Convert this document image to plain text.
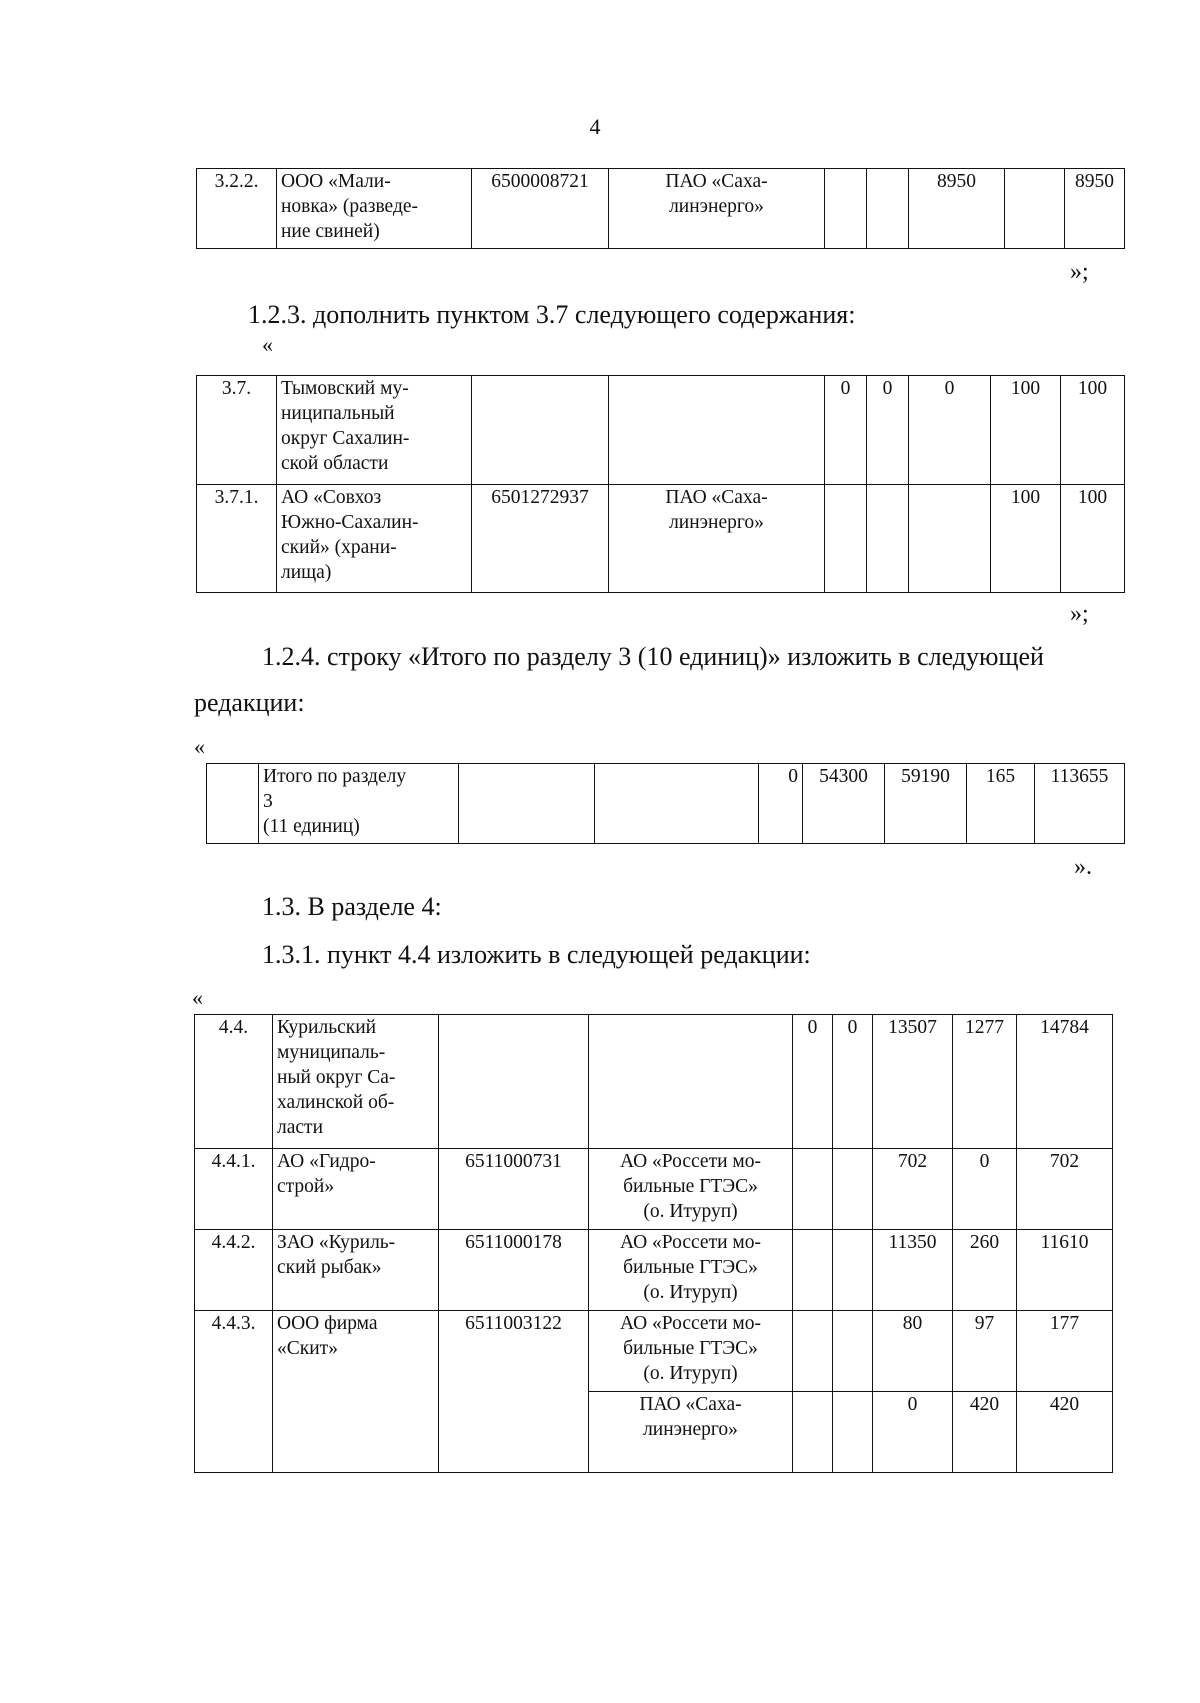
4
3.2.2.	ООО «Мали-
новка» (разведе-
ние свиней)	6500008721	ПАО «Саха-
линэнерго»			8950		8950
»;
1.2.3. дополнить пунктом 3.7 следующего содержания:
«
3.7.	Тымовский му-
ниципальный
округ Сахалин-
ской области			0	0	0	100	100
3.7.1.	АО «Совхоз
Южно-Сахалин-
ский» (храни-
лища)	6501272937	ПАО «Саха-
линэнерго»				100	100
»;
1.2.4. строку «Итого по разделу 3 (10 единиц)» изложить в следующей
редакции:
«
	Итого по разделу
3
(11 единиц)			0	54300	59190	165	113655
».
1.3. В разделе 4:
1.3.1. пункт 4.4 изложить в следующей редакции:
«
4.4.	Курильский
муниципаль-
ный округ Са-
халинской об-
ласти			0	0	13507	1277	14784
4.4.1.	АО «Гидро-
строй»	6511000731	АО «Россети мо-
бильные ГТЭС»
(о. Итуруп)			702	0	702
4.4.2.	ЗАО «Куриль-
ский рыбак»	6511000178	АО «Россети мо-
бильные ГТЭС»
(о. Итуруп)			11350	260	11610
4.4.3.	ООО фирма
«Скит»	6511003122	АО «Россети мо-
бильные ГТЭС»
(о. Итуруп)			80	97	177
			ПАО «Саха-
линэнерго»			0	420	420
